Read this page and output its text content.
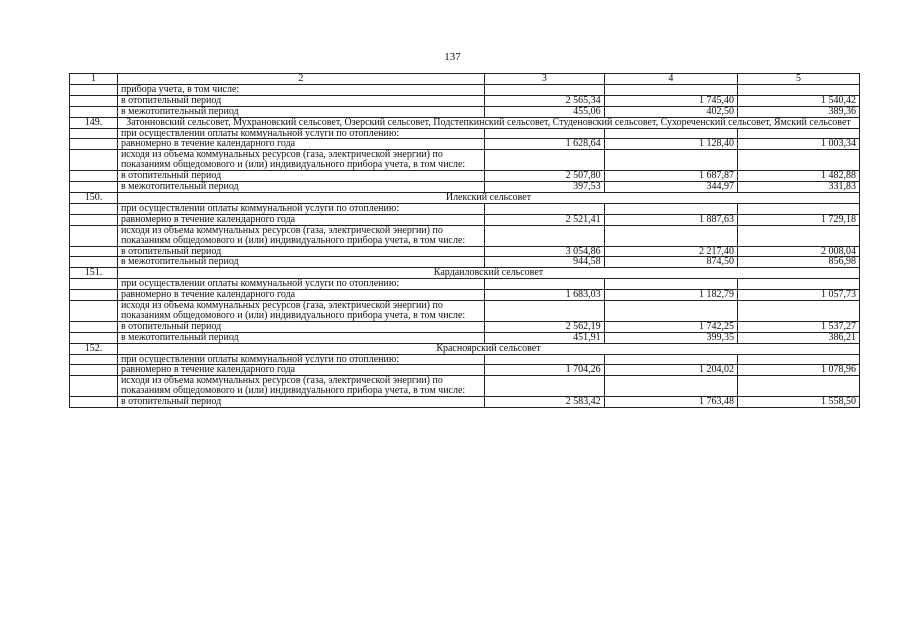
137
1	2	3	4	5
	прибора учета, в том числе:			
	в отопительный период	2 565,34	1 745,40	1 540,42
	в межотопительный период	455,06	402,50	389,36
149.	Затонновский сельсовет, Мухрановский сельсовет, Озерский сельсовет, Подстепкинский сельсовет, Студеновский сельсовет, Сухореченский сельсовет, Ямский сельсовет			
	при осуществлении оплаты коммунальной услуги по отоплению:			
	равномерно в течение календарного года	1 628,64	1 128,40	1 003,34
	исходя из объема коммунальных ресурсов (газа, электрической энергии) по показаниям общедомового и (или) индивидуального прибора учета, в том числе:			
	в отопительный период	2 507,80	1 687,87	1 482,88
	в межотопительный период	397,53	344,97	331,83
150.	Илекский сельсовет			
	при осуществлении оплаты коммунальной услуги по отоплению:			
	равномерно в течение календарного года	2 521,41	1 887,63	1 729,18
	исходя из объема коммунальных ресурсов (газа, электрической энергии) по показаниям общедомового и (или) индивидуального прибора учета, в том числе:			
	в отопительный период	3 054,86	2 217,40	2 008,04
	в межотопительный период	944,58	874,50	856,98
151.	Кардаиловский сельсовет			
	при осуществлении оплаты коммунальной услуги по отоплению:			
	равномерно в течение календарного года	1 683,03	1 182,79	1 057,73
	исходя из объема коммунальных ресурсов (газа, электрической энергии) по показаниям общедомового и (или) индивидуального прибора учета, в том числе:			
	в отопительный период	2 562,19	1 742,25	1 537,27
	в межотопительный период	451,91	399,35	386,21
152.	Красноярский сельсовет			
	при осуществлении оплаты коммунальной услуги по отоплению:			
	равномерно в течение календарного года	1 704,26	1 204,02	1 078,96
	исходя из объема коммунальных ресурсов (газа, электрической энергии) по показаниям общедомового и (или) индивидуального прибора учета, в том числе:			
	в отопительный период	2 583,42	1 763,48	1 558,50
